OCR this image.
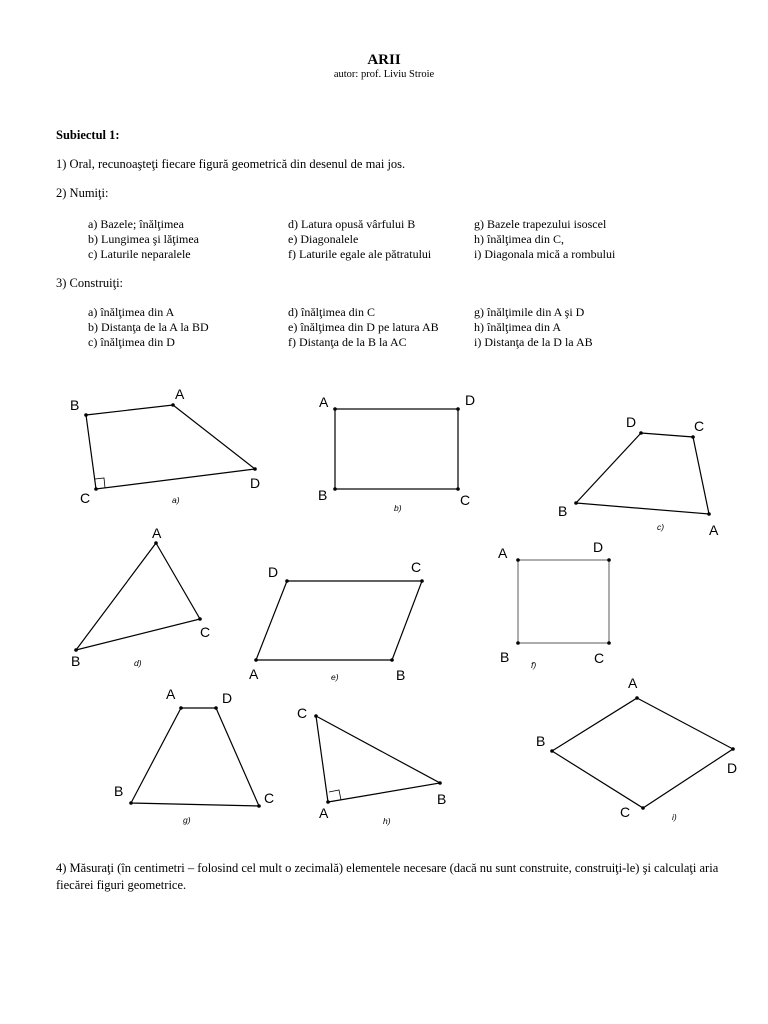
ARII
autor: prof. Liviu Stroie
Subiectul 1:
1) Oral, recunoaşteţi fiecare figură geometrică din desenul de mai jos.
2) Numiţi:
a) Bazele; înălţimea
b) Lungimea şi lăţimea
c) Laturile neparalele
d) Latura opusă vârfului B
e) Diagonalele
f) Laturile egale ale pătratului
g) Bazele trapezului isoscel
h) înălţimea din C,
i) Diagonala mică a rombului
3) Construiţi:
a) înălţimea din A
b) Distanţa de la A la BD
c) înălţimea din D
d) înălţimea din C
e) înălţimea din D pe latura AB
f) Distanţa de la B la AC
g) înălţimile din A şi D
h) înălţimea din A
i) Distanţa de la D la AB
A
B
C
D
A	D
B	C
D	C
B
A
A
C
B
D	C
A	B
A	D
B	C
A	D
B	C
C
A
B
A
B
D
C
a)
b)
c)
d)
e)
f)
g)	h)	i)
4) Măsuraţi (în centimetri – folosind cel mult o zecimală) elementele necesare (dacă nu sunt construite, construiţi-le) şi calculaţi aria fiecărei figuri geometrice.
